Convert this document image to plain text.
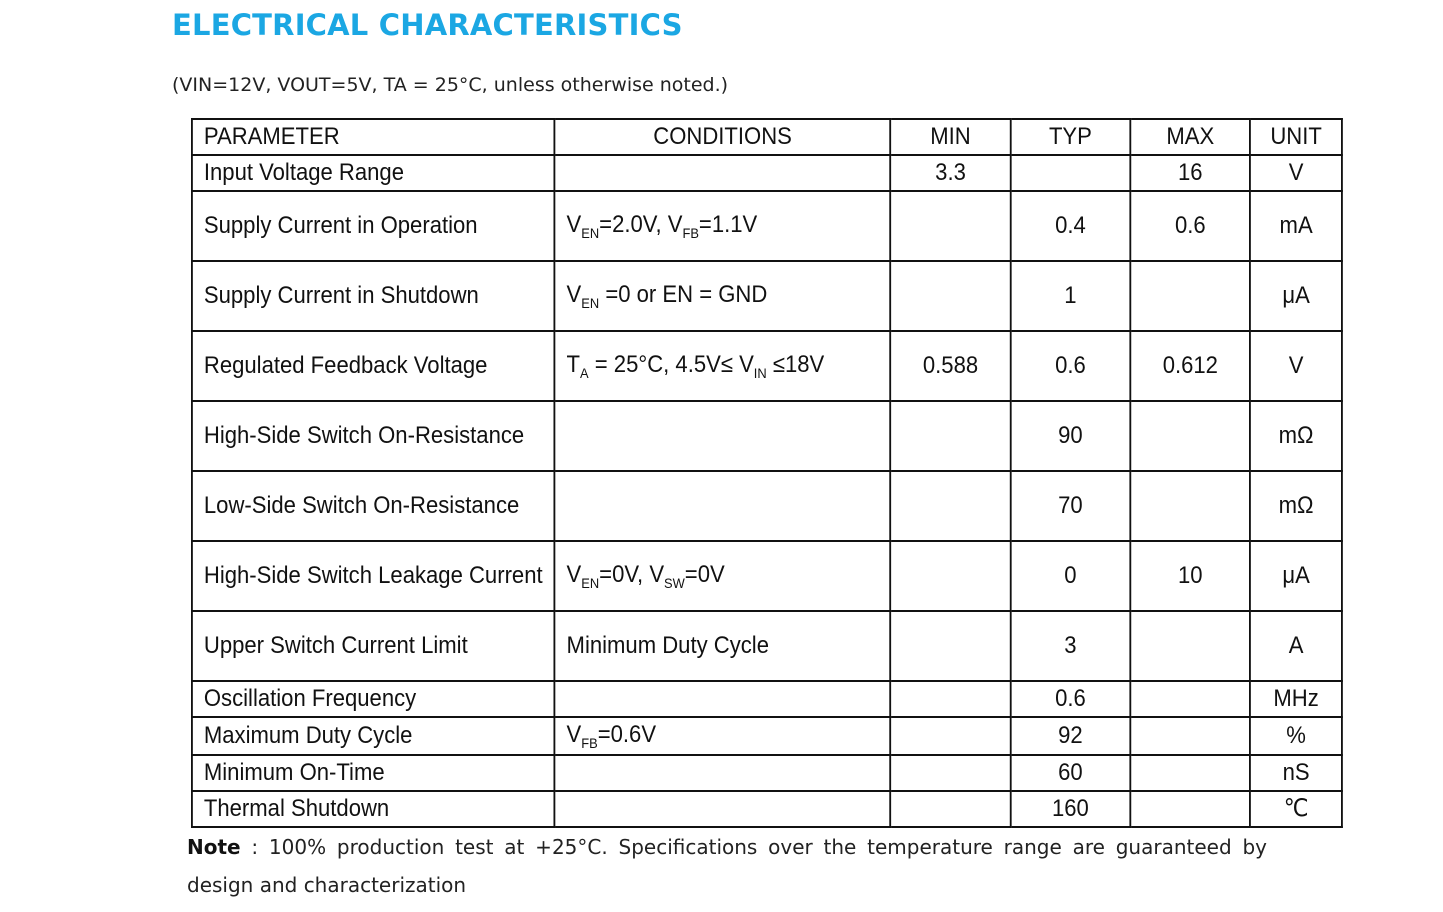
ELECTRICAL CHARACTERISTICS
(VIN=12V, VOUT=5V, TA = 25°C, unless otherwise noted.)
PARAMETER	CONDITIONS	MIN	TYP	MAX	UNIT
Input Voltage Range		3.3		16	V
Supply Current in Operation	$V_{EN}=2.0V$, $V_{FB}=1.1V$		0.4	0.6	mA
Supply Current in Shutdown	$V_{EN} =0$ or EN = GND		1		μA
Regulated Feedback Voltage	$T_A = 25^\circ C$, $4.5V\le V_{IN} \le 18V$	0.588	0.6	0.612	V
High-Side Switch On-Resistance			90		mΩ
Low-Side Switch On-Resistance			70		mΩ
High-Side Switch Leakage Current	$V_{EN}=0V$, $V_{SW}=0V$		0	10	μA
Upper Switch Current Limit	Minimum Duty Cycle		3		A
Oscillation Frequency			0.6		MHz
Maximum Duty Cycle	$V_{FB}=0.6V$		92		%
Minimum On-Time			60		nS
Thermal Shutdown			160		℃
Note : 100% production test at +25°C. Specifications over the temperature range are guaranteed by design and characterization
